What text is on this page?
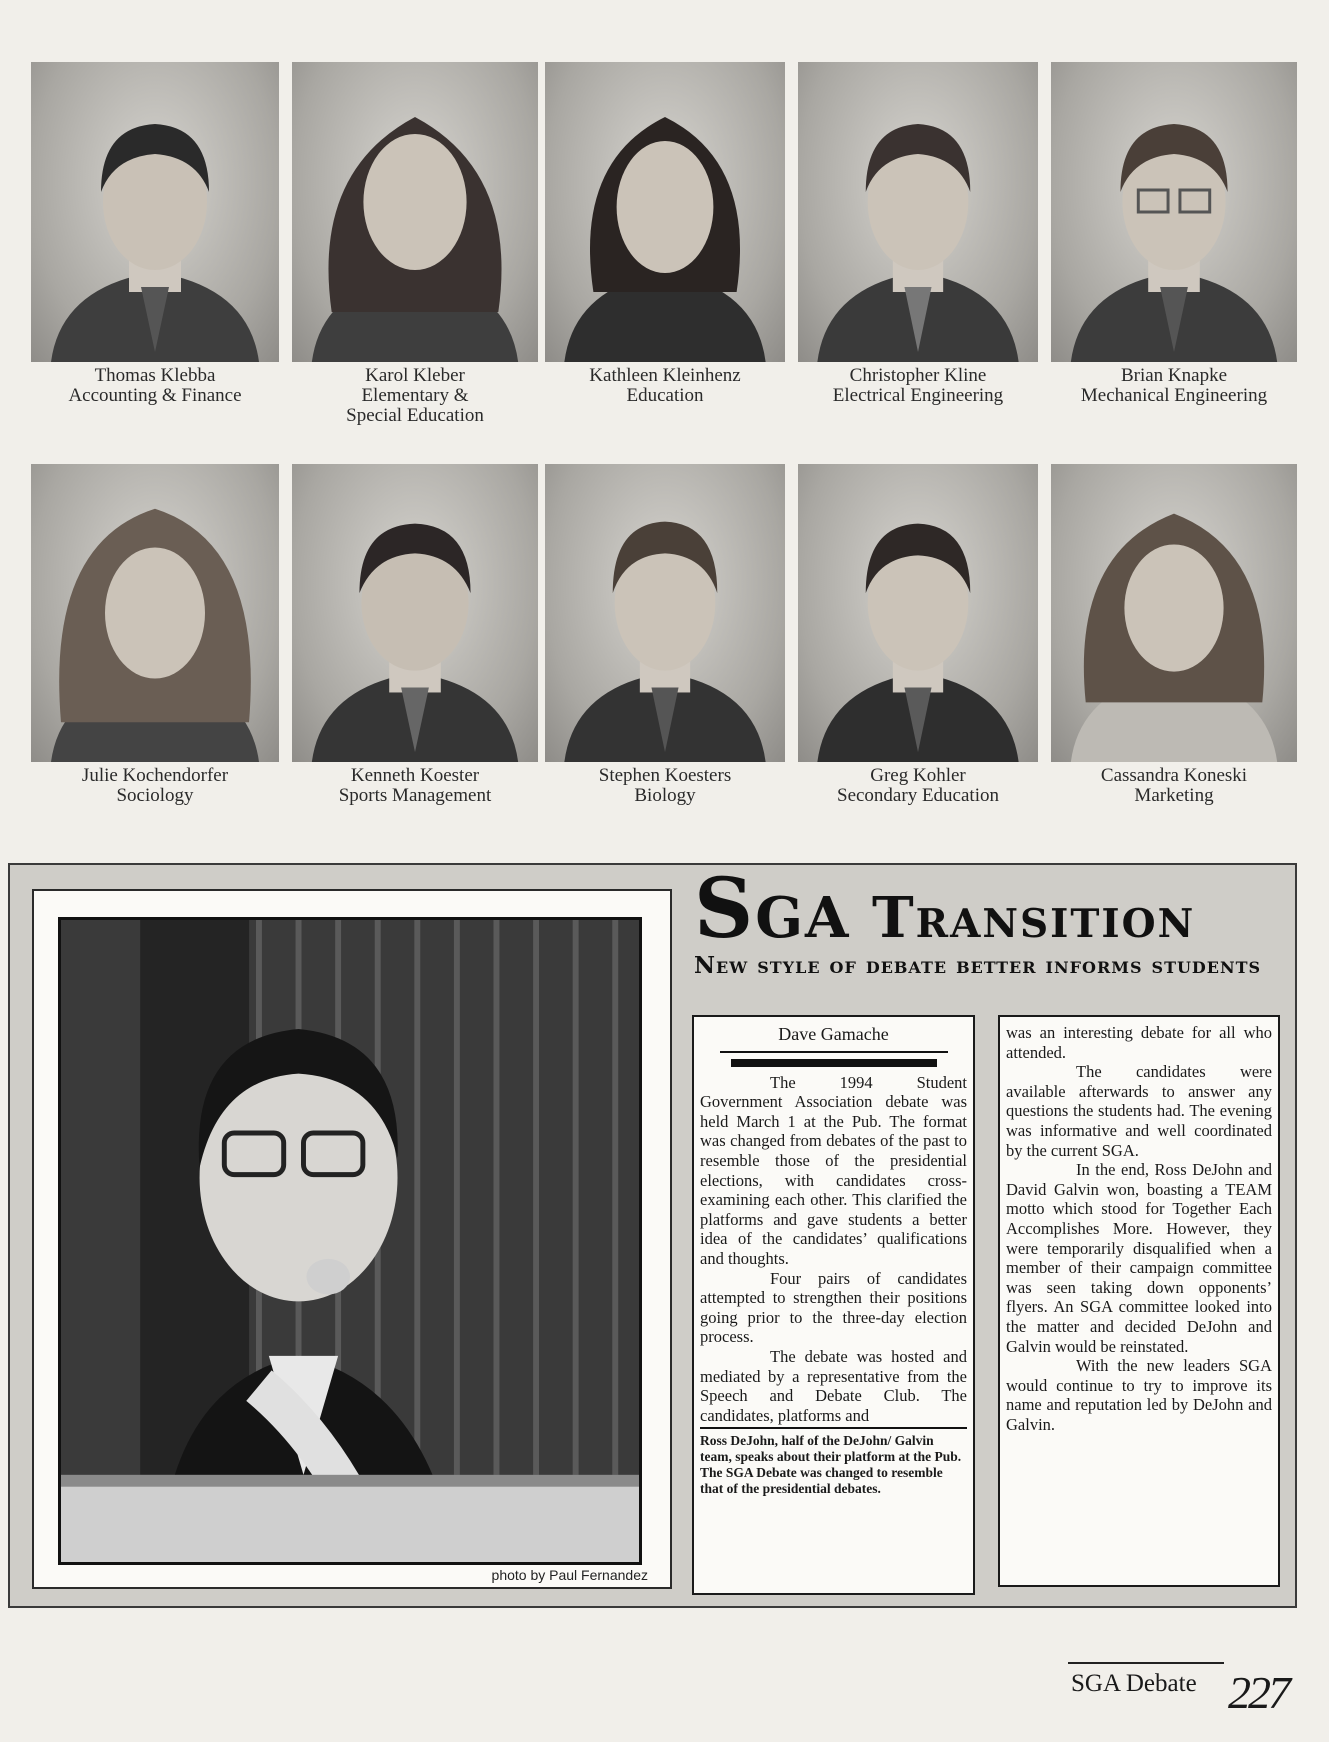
Thomas Klebba
Accounting & Finance
Karol Kleber
Elementary &
Special Education
Kathleen Kleinhenz
Education
Christopher Kline
Electrical Engineering
Brian Knapke
Mechanical Engineering
Julie Kochendorfer
Sociology
Kenneth Koester
Sports Management
Stephen Koesters
Biology
Greg Kohler
Secondary Education
Cassandra Koneski
Marketing
photo by Paul Fernandez
SGA Transition
New style of debate better informs students
Dave Gamache

The 1994 Student Government Association debate was held March 1 at the Pub. The format was changed from debates of the past to resemble those of the presidential elections, with candidates cross-examining each other. This clarified the platforms and gave students a better idea of the candidates’ qualifications and thoughts.

Four pairs of candidates attempted to strengthen their positions going prior to the three-day election process.

The debate was hosted and mediated by a representative from the Speech and Debate Club. The candidates, platforms and

Ross DeJohn, half of the DeJohn/ Galvin team, speaks about their platform at the Pub. The SGA Debate was changed to resemble that of the presidential debates.

was an interesting debate for all who attended.

The candidates were available afterwards to answer any questions the students had. The evening was informative and well coordinated by the current SGA.

In the end, Ross DeJohn and David Galvin won, boasting a TEAM motto which stood for Together Each Accomplishes More. However, they were temporarily disqualified when a member of their campaign committee was seen taking down opponents’ flyers. An SGA committee looked into the matter and decided DeJohn and Galvin would be reinstated.

With the new leaders SGA would continue to try to improve its name and reputation led by DeJohn and Galvin.

SGA Debate 227
